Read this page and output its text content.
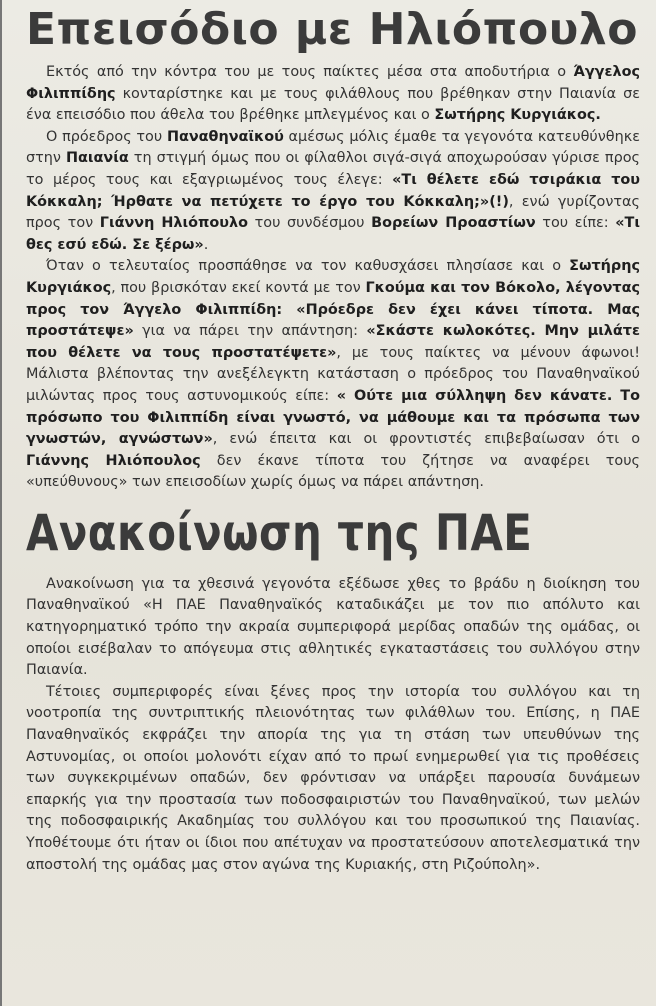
Επεισόδιο με Ηλιόπουλο

Εκτός από την κόντρα του με τους παίκτες μέσα στα αποδυτήρια ο Άγγελος Φιλιππίδης κονταρίστηκε και με τους φιλάθλους που βρέθηκαν στην Παιανία σε ένα επεισόδιο που άθελα του βρέθηκε μπλεγμένος και ο Σωτήρης Κυργιάκος.

Ο πρόεδρος του Παναθηναϊκού αμέσως μόλις έμαθε τα γεγονότα κατευθύνθηκε στην Παιανία τη στιγμή όμως που οι φίλαθλοι σιγά-σιγά αποχωρούσαν γύρισε προς το μέρος τους και εξαγριωμένος τους έλεγε: «Τι θέλετε εδώ τσιράκια του Κόκκαλη; Ήρθατε να πετύχετε το έργο του Κόκκαλη;»(!), ενώ γυρίζοντας προς τον Γιάννη Ηλιόπουλο του συνδέσμου Βορείων Προαστίων του είπε: «Τι θες εσύ εδώ. Σε ξέρω».

Όταν ο τελευταίος προσπάθησε να τον καθυσχάσει πλησίασε και ο Σωτήρης Κυργιάκος, που βρισκόταν εκεί κοντά με τον Γκούμα και τον Βόκολο, λέγοντας προς τον Άγγελο Φιλιππίδη: «Πρόεδρε δεν έχει κάνει τίποτα. Μας προστάτεψε» για να πάρει την απάντηση: «Σκάστε κωλοκότες. Μην μιλάτε που θέλετε να τους προστατέψετε», με τους παίκτες να μένουν άφωνοι! Μάλιστα βλέποντας την ανεξέλεγκτη κατάσταση ο πρόεδρος του Παναθηναϊκού μιλώντας προς τους αστυνομικούς είπε: « Ούτε μια σύλληψη δεν κάνατε. Το πρόσωπο του Φιλιππίδη είναι γνωστό, να μάθουμε και τα πρόσωπα των γνωστών, αγνώστων», ενώ έπειτα και οι φροντιστές επιβεβαίωσαν ότι ο Γιάννης Ηλιόπουλος δεν έκανε τίποτα του ζήτησε να αναφέρει τους «υπεύθυνους» των επεισοδίων χωρίς όμως να πάρει απάντηση.

Ανακοίνωση της ΠΑΕ

Ανακοίνωση για τα χθεσινά γεγονότα εξέδωσε χθες το βράδυ η διοίκηση του Παναθηναϊκού «Η ΠΑΕ Παναθηναϊκός καταδικάζει με τον πιο απόλυτο και κατηγορηματικό τρόπο την ακραία συμπεριφορά μερίδας οπαδών της ομάδας, οι οποίοι εισέβαλαν το απόγευμα στις αθλητικές εγκαταστάσεις του συλλόγου στην Παιανία.

Τέτοιες συμπεριφορές είναι ξένες προς την ιστορία του συλλόγου και τη νοοτροπία της συντριπτικής πλειονότητας των φιλάθλων του. Επίσης, η ΠΑΕ Παναθηναϊκός εκφράζει την απορία της για τη στάση των υπευθύνων της Αστυνομίας, οι οποίοι μολονότι είχαν από το πρωί ενημερωθεί για τις προθέσεις των συγκεκριμένων οπαδών, δεν φρόντισαν να υπάρξει παρουσία δυνάμεων επαρκής για την προστασία των ποδοσφαιριστών του Παναθηναϊκού, των μελών της ποδοσφαιρικής Ακαδημίας του συλλόγου και του προσωπικού της Παιανίας. Υποθέτουμε ότι ήταν οι ίδιοι που απέτυχαν να προστατεύσουν αποτελεσματικά την αποστολή της ομάδας μας στον αγώνα της Κυριακής, στη Ριζούπολη».
